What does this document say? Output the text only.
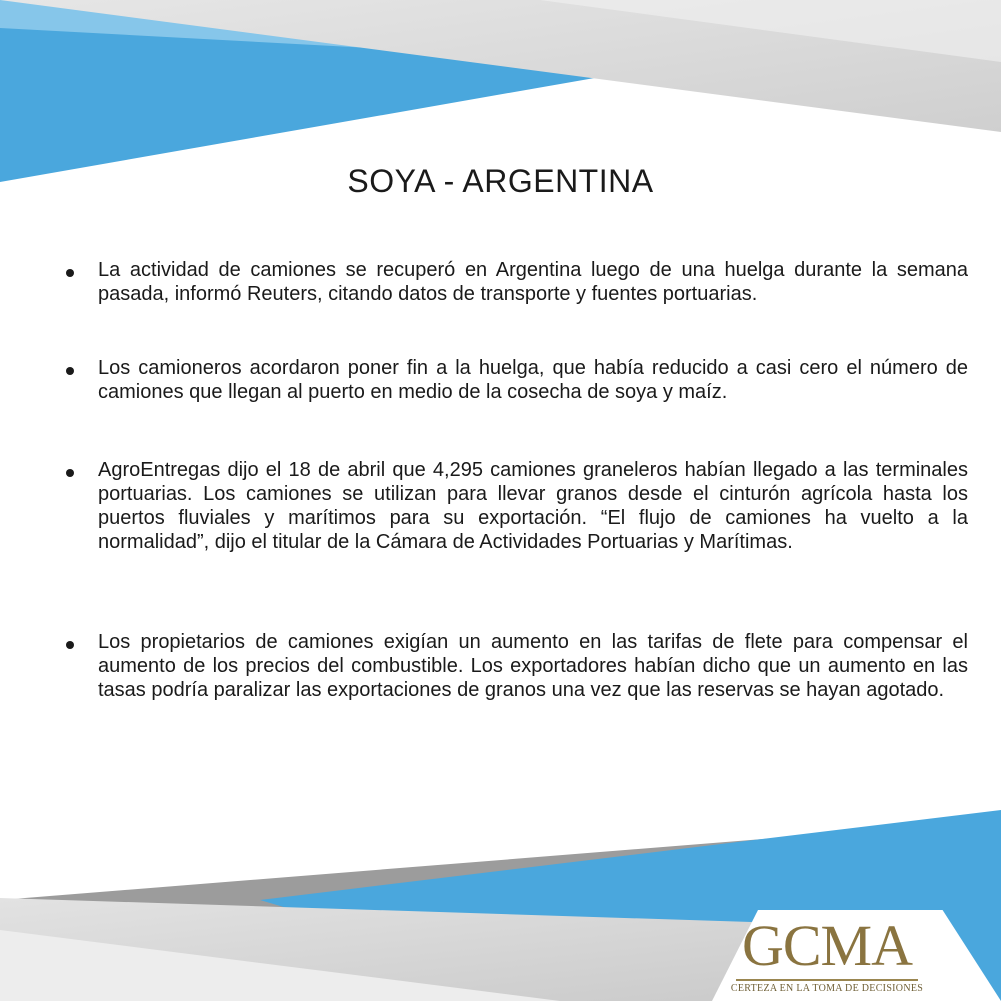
SOYA - ARGENTINA
La actividad de camiones se recuperó en Argentina luego de una huelga durante la semana pasada, informó Reuters, citando datos de transporte y fuentes portuarias.
Los camioneros acordaron poner fin a la huelga, que había reducido a casi cero el número de camiones que llegan al puerto en medio de la cosecha de soya y maíz.
AgroEntregas dijo el 18 de abril que 4,295 camiones graneleros habían llegado a las terminales portuarias. Los camiones se utilizan para llevar granos desde el cinturón agrícola hasta los puertos fluviales y marítimos para su exportación. “El flujo de camiones ha vuelto a la normalidad”, dijo el titular de la Cámara de Actividades Portuarias y Marítimas.
Los propietarios de camiones exigían un aumento en las tarifas de flete para compensar el aumento de los precios del combustible. Los exportadores habían dicho que un aumento en las tasas podría paralizar las exportaciones de granos una vez que las reservas se hayan agotado.
GCMA
CERTEZA EN LA TOMA DE DECISIONES
